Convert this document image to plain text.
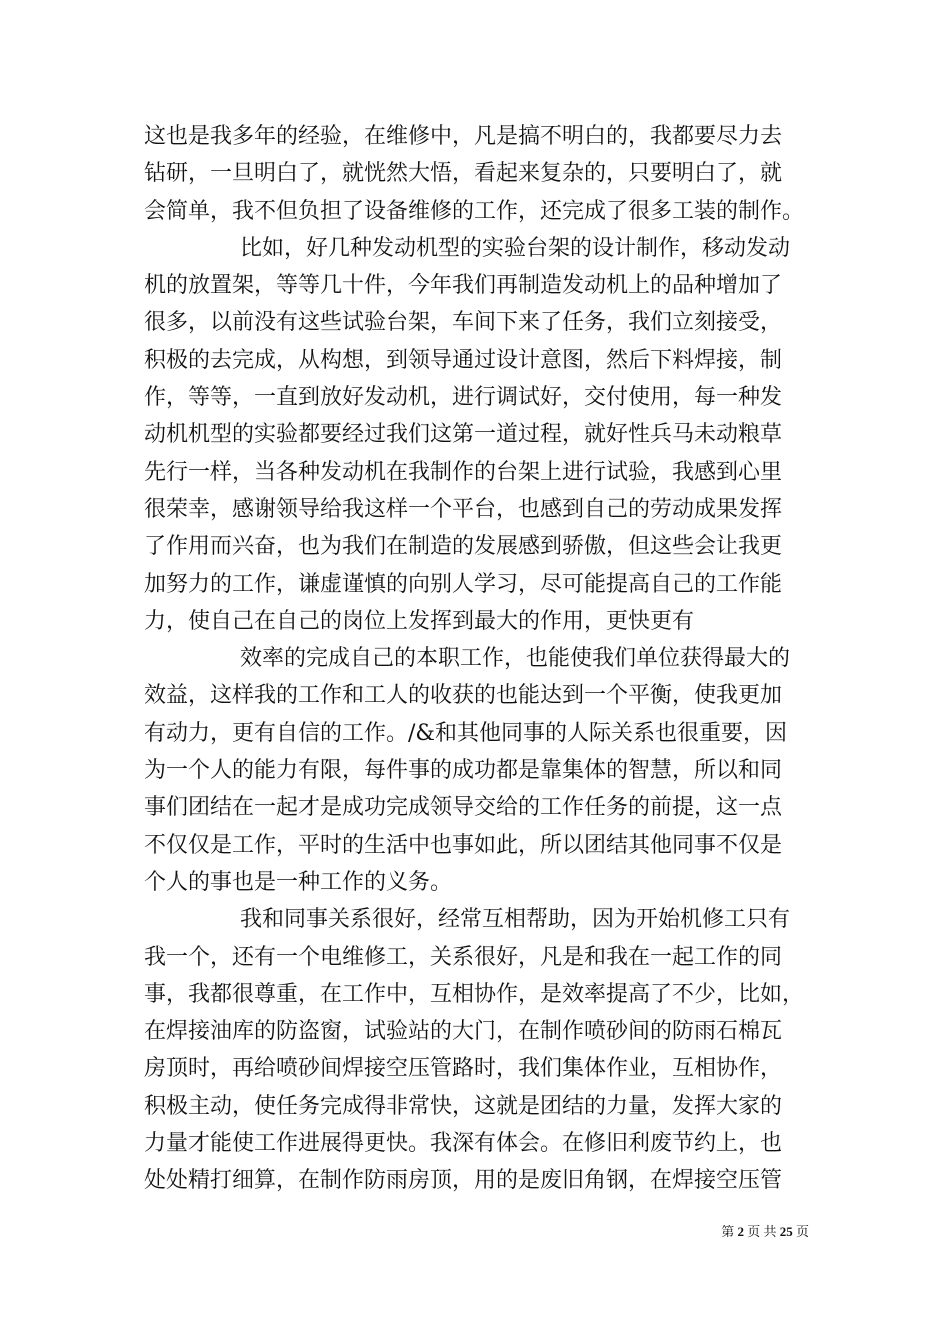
这也是我多年的经验，在维修中，凡是搞不明白的，我都要尽力去
钻研，一旦明白了，就恍然大悟，看起来复杂的，只要明白了，就
会简单，我不但负担了设备维修的工作，还完成了很多工装的制作。
比如，好几种发动机型的实验台架的设计制作，移动发动
机的放置架，等等几十件，今年我们再制造发动机上的品种增加了
很多，以前没有这些试验台架，车间下来了任务，我们立刻接受，
积极的去完成，从构想，到领导通过设计意图，然后下料焊接，制
作，等等，一直到放好发动机，进行调试好，交付使用，每一种发
动机机型的实验都要经过我们这第一道过程，就好性兵马未动粮草
先行一样，当各种发动机在我制作的台架上进行试验，我感到心里
很荣幸，感谢领导给我这样一个平台，也感到自己的劳动成果发挥
了作用而兴奋，也为我们在制造的发展感到骄傲，但这些会让我更
加努力的工作，谦虚谨慎的向别人学习，尽可能提高自己的工作能
力，使自己在自己的岗位上发挥到最大的作用，更快更有
效率的完成自己的本职工作，也能使我们单位获得最大的
效益，这样我的工作和工人的收获的也能达到一个平衡，使我更加
有动力，更有自信的工作。/&和其他同事的人际关系也很重要，因
为一个人的能力有限，每件事的成功都是靠集体的智慧，所以和同
事们团结在一起才是成功完成领导交给的工作任务的前提，这一点
不仅仅是工作，平时的生活中也事如此，所以团结其他同事不仅是
个人的事也是一种工作的义务。
我和同事关系很好，经常互相帮助，因为开始机修工只有
我一个，还有一个电维修工，关系很好，凡是和我在一起工作的同
事，我都很尊重，在工作中，互相协作，是效率提高了不少，比如，
在焊接油库的防盗窗，试验站的大门，在制作喷砂间的防雨石棉瓦
房顶时，再给喷砂间焊接空压管路时，我们集体作业，互相协作，
积极主动，使任务完成得非常快，这就是团结的力量，发挥大家的
力量才能使工作进展得更快。我深有体会。在修旧利废节约上，也
处处精打细算，在制作防雨房顶，用的是废旧角钢，在焊接空压管
第 2 页 共 25 页
